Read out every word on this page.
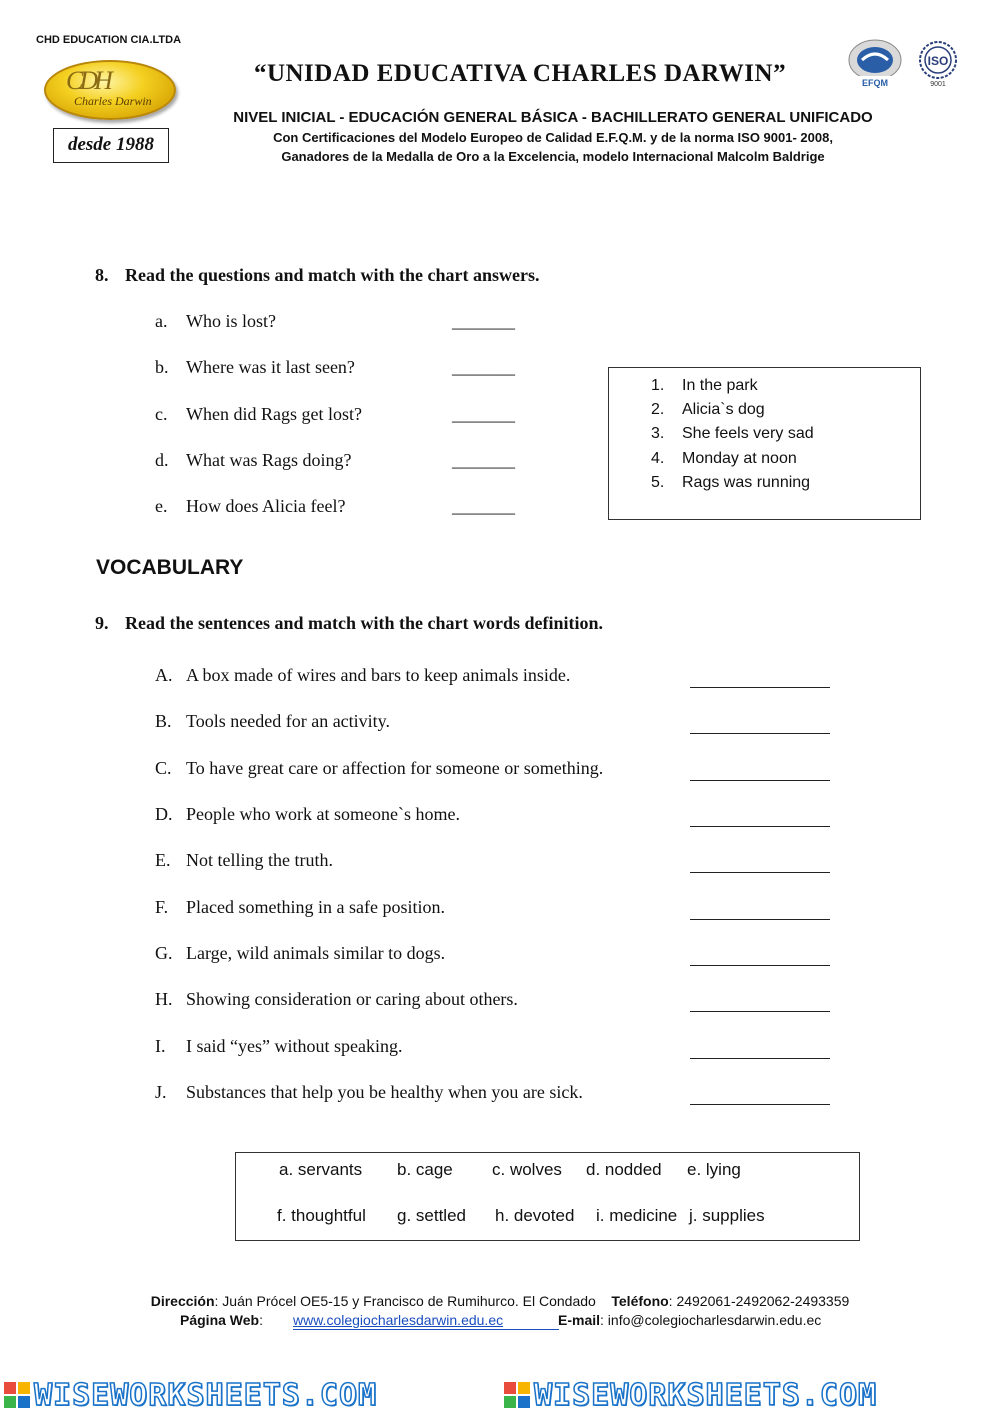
CHD EDUCATION CIA.LTDA
CDH
Charles Darwin
desde 1988
“UNIDAD EDUCATIVA CHARLES DARWIN”	EFQM
ISO
9001
NIVEL INICIAL - EDUCACIÓN GENERAL BÁSICA - BACHILLERATO GENERAL UNIFICADO
Con Certificaciones del Modelo Europeo de Calidad E.F.Q.M. y de la norma ISO 9001- 2008,
Ganadores de la Medalla de Oro a la Excelencia, modelo Internacional Malcolm Baldrige
8. Read the questions and match with the chart answers.
a. Who is lost?
b. Where was it last seen?
c. When did Rags get lost?
d. What was Rags doing?
e. How does Alicia feel?
_______
_______
_______
_______
_______
1. In the park
2. Alicia`s dog
3. She feels very sad
4. Monday at noon
5. Rags was running
VOCABULARY
9. Read the sentences and match with the chart words definition.
A. A box made of wires and bars to keep animals inside.
B. Tools needed for an activity.
C. To have great care or affection for someone or something.
D. People who work at someone`s home.
E. Not telling the truth.
F. Placed something in a safe position.
G. Large, wild animals similar to dogs.
H. Showing consideration or caring about others.
I. I said “yes” without speaking.
J. Substances that help you be healthy when you are sick.
a. servants b. cage c. wolves d. nodded e. lying
f. thoughtful g. settled h. devoted i. medicine j. supplies
Dirección: Juán Prócel OE5-15 y Francisco de Rumihurco. El Condado Teléfono: 2492061-2492062-2493359
Página Web: www.colegiocharlesdarwin.edu.ec	E-mail: info@colegiocharlesdarwin.edu.ec
WISEWORKSHEETS.COM	WISEWORKSHEETS.COM
